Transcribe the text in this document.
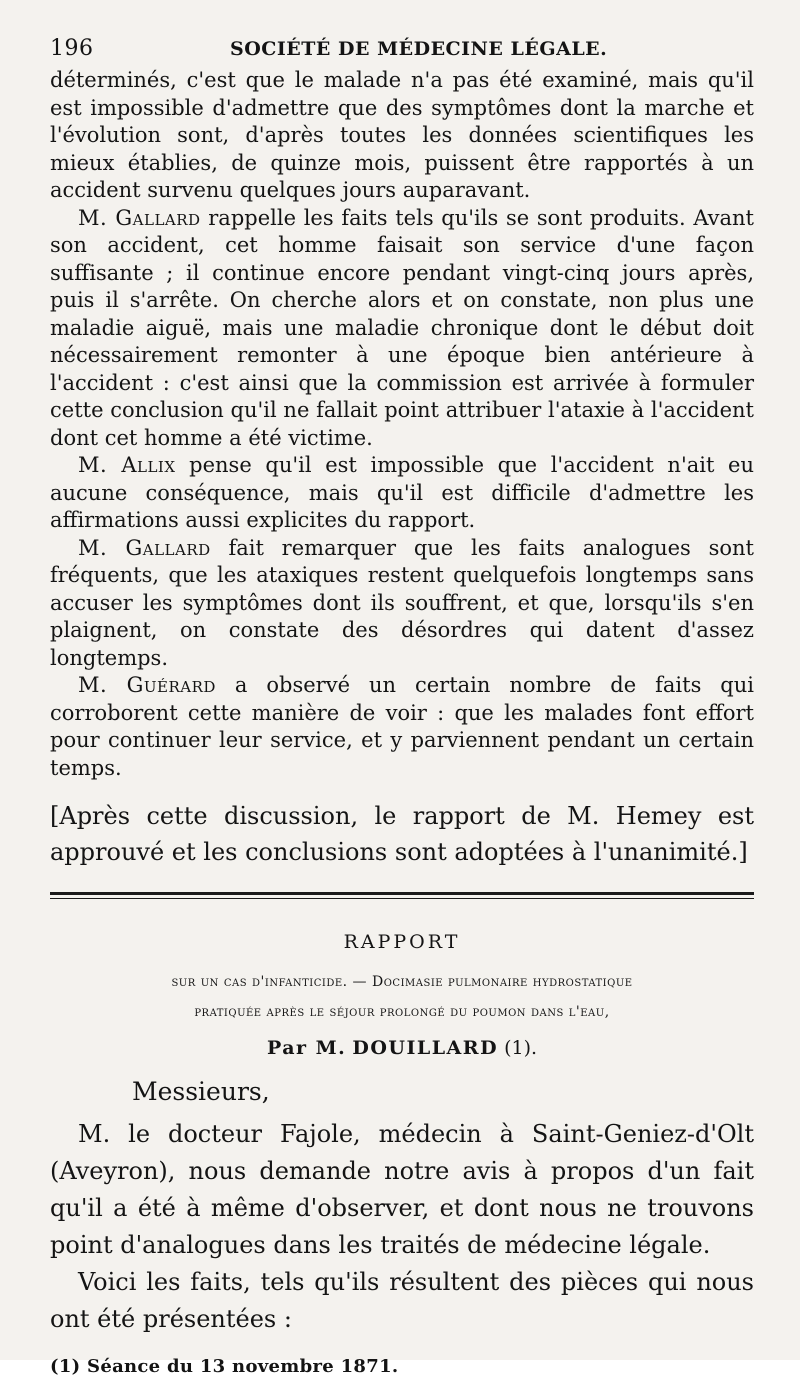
196	SOCIÉTÉ DE MÉDECINE LÉGALE.

déterminés, c'est que le malade n'a pas été examiné, mais qu'il est impossible d'admettre que des symptômes dont la marche et l'évolution sont, d'après toutes les données scientifiques les mieux établies, de quinze mois, puissent être rapportés à un accident survenu quelques jours auparavant.

M. Gallard rappelle les faits tels qu'ils se sont produits. Avant son accident, cet homme faisait son service d'une façon suffisante ; il continue encore pendant vingt-cinq jours après, puis il s'arrête. On cherche alors et on constate, non plus une maladie aiguë, mais une maladie chronique dont le début doit nécessairement remonter à une époque bien antérieure à l'accident : c'est ainsi que la commission est arrivée à formuler cette conclusion qu'il ne fallait point attribuer l'ataxie à l'accident dont cet homme a été victime.

M. Allix pense qu'il est impossible que l'accident n'ait eu aucune conséquence, mais qu'il est difficile d'admettre les affirmations aussi explicites du rapport.

M. Gallard fait remarquer que les faits analogues sont fréquents, que les ataxiques restent quelquefois longtemps sans accuser les symptômes dont ils souffrent, et que, lorsqu'ils s'en plaignent, on constate des désordres qui datent d'assez longtemps.

M. Guérard a observé un certain nombre de faits qui corroborent cette manière de voir : que les malades font effort pour continuer leur service, et y parviennent pendant un certain temps.

[Après cette discussion, le rapport de M. Hemey est approuvé et les conclusions sont adoptées à l'unanimité.]

RAPPORT
sur un cas d'infanticide. — Docimasie pulmonaire hydrostatique
pratiquée après le séjour prolongé du poumon dans l'eau,
Par M. DOUILLARD (1).
Messieurs,

M. le docteur Fajole, médecin à Saint-Geniez-d'Olt (Aveyron), nous demande notre avis à propos d'un fait qu'il a été à même d'observer, et dont nous ne trouvons point d'analogues dans les traités de médecine légale.

Voici les faits, tels qu'ils résultent des pièces qui nous ont été présentées :

(1) Séance du 13 novembre 1871.
